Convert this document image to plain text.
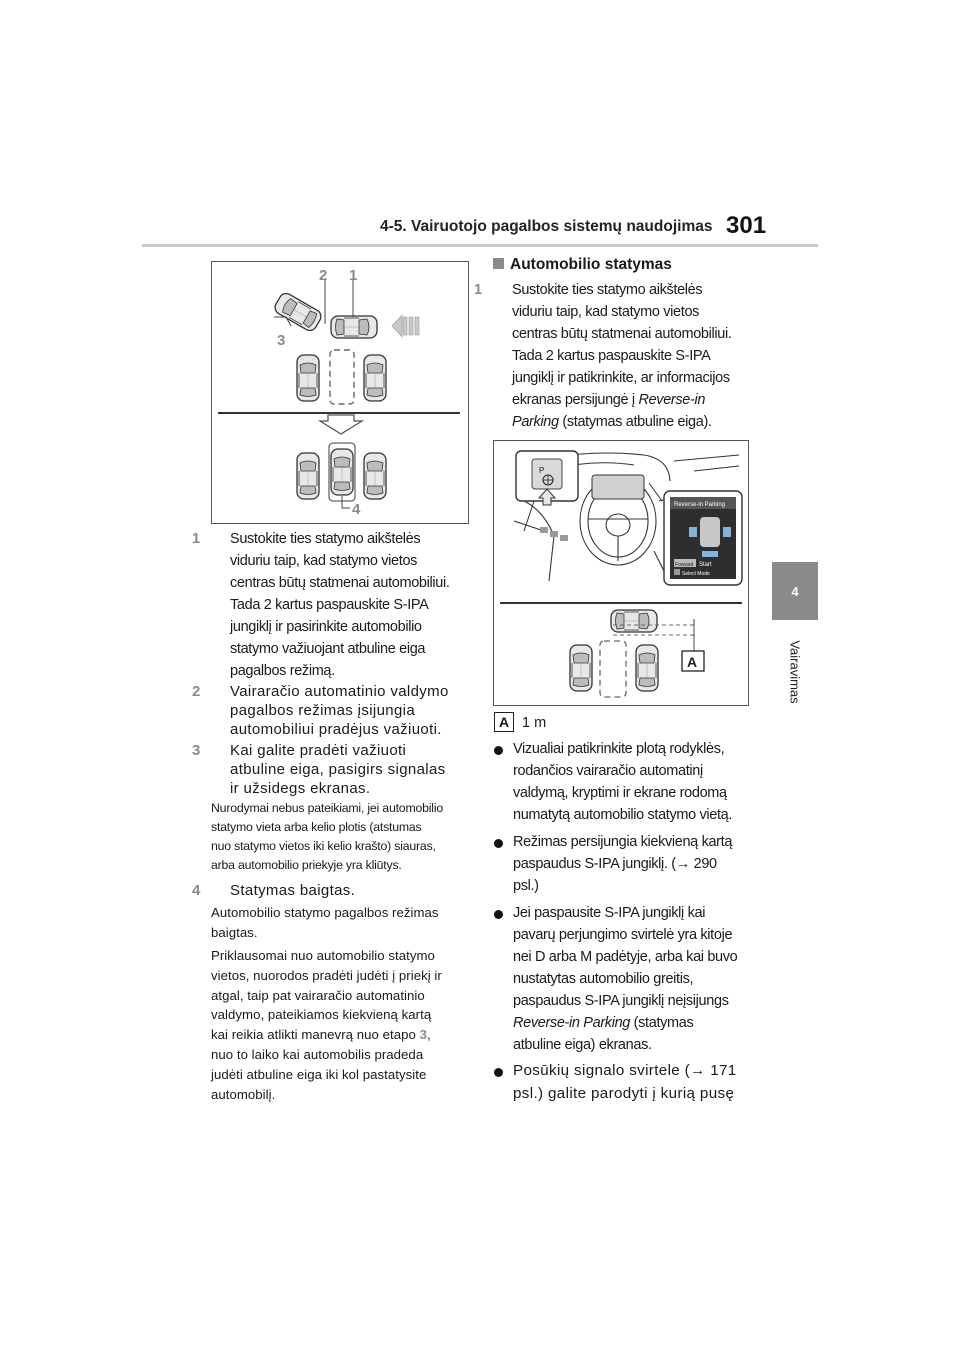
4-5. Vairuotojo pagalbos sistemų naudojimas 301
4
Vairavimas
2 1
3
4
1 Sustokite ties statymo aikštelės
viduriu taip, kad statymo vietos
centras būtų statmenai automobiliui.
Tada 2 kartus paspauskite S-IPA
jungiklį ir pasirinkite automobilio
statymo važiuojant atbuline eiga
pagalbos režimą.
2 Vairaračio automatinio valdymo
pagalbos režimas įsijungia
automobiliui pradėjus važiuoti.
3 Kai galite pradėti važiuoti
atbuline eiga, pasigirs signalas
ir užsidegs ekranas.
Nurodymai nebus pateikiami, jei automobilio
statymo vieta arba kelio plotis (atstumas
nuo statymo vietos iki kelio krašto) siauras,
arba automobilio priekyje yra kliūtys.
4 Statymas baigtas.
Automobilio statymo pagalbos režimas
baigtas.
Priklausomai nuo automobilio statymo
vietos, nuorodos pradėti judėti į priekį ir
atgal, taip pat vairaračio automatinio
valdymo, pateikiamos kiekvieną kartą
kai reikia atlikti manevrą nuo etapo 3,
nuo to laiko kai automobilis pradeda
judėti atbuline eiga iki kol pastatysite
automobilį.
Automobilio statymas
1 Sustokite ties statymo aikštelės
viduriu taip, kad statymo vietos
centras būtų statmenai automobiliui.
Tada 2 kartus paspauskite S-IPA
jungiklį ir patikrinkite, ar informacijos
ekranas persijungė į Reverse-in
Parking (statymas atbuline eiga).
P
Reverse-in Parking
Forward Start
Select Mode
A
A 1 m
Vizualiai patikrinkite plotą rodyklės,
rodančios vairaračio automatinį
valdymą, kryptimi ir ekrane rodomą
numatytą automobilio statymo vietą.
Režimas persijungia kiekvieną kartą
paspaudus S-IPA jungiklį. (→ 290
psl.)
Jei paspausite S-IPA jungiklį kai
pavarų perjungimo svirtelė yra kitoje
nei D arba M padėtyje, arba kai buvo
nustatytas automobilio greitis,
paspaudus S-IPA jungiklį neįsijungs
Reverse-in Parking (statymas
atbuline eiga) ekranas.
Posūkių signalo svirtele (→ 171
psl.) galite parodyti į kurią pusę
